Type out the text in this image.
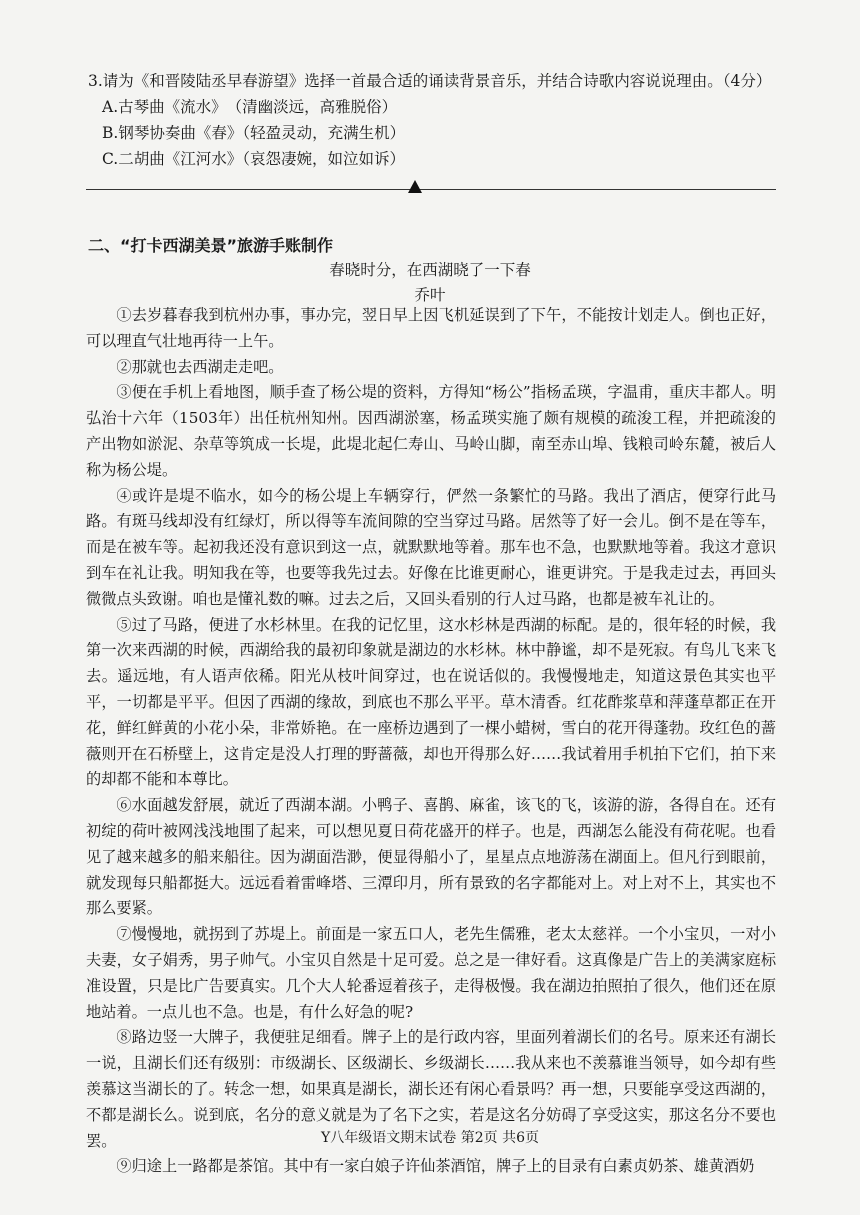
3.请为《和晋陵陆丞早春游望》选择一首最合适的诵读背景音乐，并结合诗歌内容说说理由。（4分）
A.古琴曲《流水》　（清幽淡远，高雅脱俗）
B.钢琴协奏曲《春》（轻盈灵动，充满生机）
C.二胡曲《江河水》（哀怨凄婉，如泣如诉）
二、“打卡西湖美景”旅游手账制作
春晓时分，在西湖晓了一下春
乔叶

①去岁暮春我到杭州办事，事办完，翌日早上因飞机延误到了下午，不能按计划走人。倒也正好，可以理直气壮地再待一上午。

②那就也去西湖走走吧。

③便在手机上看地图，顺手查了杨公堤的资料，方得知“杨公”指杨孟瑛，字温甫，重庆丰都人。明弘治十六年（1503年）出任杭州知州。因西湖淤塞，杨孟瑛实施了颇有规模的疏浚工程，并把疏浚的产出物如淤泥、杂草等筑成一长堤，此堤北起仁寿山、马岭山脚，南至赤山埠、钱粮司岭东麓，被后人称为杨公堤。

④或许是堤不临水，如今的杨公堤上车辆穿行，俨然一条繁忙的马路。我出了酒店，便穿行此马路。有斑马线却没有红绿灯，所以得等车流间隙的空当穿过马路。居然等了好一会儿。倒不是在等车，而是在被车等。起初我还没有意识到这一点，就默默地等着。那车也不急，也默默地等着。我这才意识到车在礼让我。明知我在等，也要等我先过去。好像在比谁更耐心，谁更讲究。于是我走过去，再回头微微点头致谢。咱也是懂礼数的嘛。过去之后，又回头看别的行人过马路，也都是被车礼让的。

⑤过了马路，便进了水杉林里。在我的记忆里，这水杉林是西湖的标配。是的，很年轻的时候，我第一次来西湖的时候，西湖给我的最初印象就是湖边的水杉林。林中静谧，却不是死寂。有鸟儿飞来飞去。遥远地，有人语声依稀。阳光从枝叶间穿过，也在说话似的。我慢慢地走，知道这景色其实也平平，一切都是平平。但因了西湖的缘故，到底也不那么平平。草木清香。红花酢浆草和萍蓬草都正在开花，鲜红鲜黄的小花小朵，非常娇艳。在一座桥边遇到了一棵小蜡树，雪白的花开得蓬勃。玫红色的蔷薇则开在石桥壁上，这肯定是没人打理的野蔷薇，却也开得那么好……我试着用手机拍下它们，拍下来的却都不能和本尊比。

⑥水面越发舒展，就近了西湖本湖。小鸭子、喜鹊、麻雀，该飞的飞，该游的游，各得自在。还有初绽的荷叶被网浅浅地围了起来，可以想见夏日荷花盛开的样子。也是，西湖怎么能没有荷花呢。也看见了越来越多的船来船往。因为湖面浩渺，便显得船小了，星星点点地游荡在湖面上。但凡行到眼前，就发现每只船都挺大。远远看着雷峰塔、三潭印月，所有景致的名字都能对上。对上对不上，其实也不那么要紧。

⑦慢慢地，就拐到了苏堤上。前面是一家五口人，老先生儒雅，老太太慈祥。一个小宝贝，一对小夫妻，女子娟秀，男子帅气。小宝贝自然是十足可爱。总之是一律好看。这真像是广告上的美满家庭标准设置，只是比广告要真实。几个大人轮番逗着孩子，走得极慢。我在湖边拍照拍了很久，他们还在原地站着。一点儿也不急。也是，有什么好急的呢?

⑧路边竖一大牌子，我便驻足细看。牌子上的是行政内容，里面列着湖长们的名号。原来还有湖长一说，且湖长们还有级别：市级湖长、区级湖长、乡级湖长……我从来也不羡慕谁当领导，如今却有些羡慕这当湖长的了。转念一想，如果真是湖长，湖长还有闲心看景吗？再一想，只要能享受这西湖的，不都是湖长么。说到底，名分的意义就是为了名下之实，若是这名分妨碍了享受这实，那这名分不要也罢。

⑨归途上一路都是茶馆。其中有一家白娘子许仙茶酒馆，牌子上的目录有白素贞奶茶、雄黄酒奶

Y八年级语文期末试卷 第2页 共6页
